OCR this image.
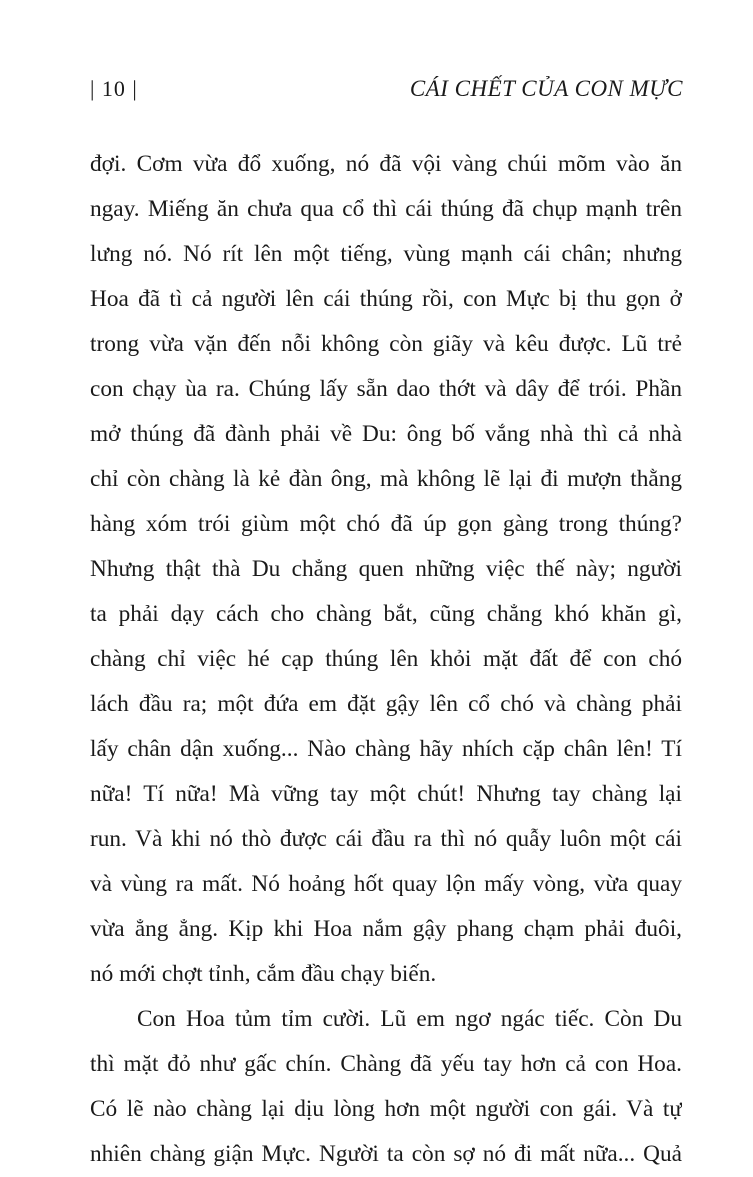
| 10 |	CÁI CHẾT CỦA CON MỰC
đợi. Cơm vừa đổ xuống, nó đã vội vàng chúi mõm vào ăn
ngay. Miếng ăn chưa qua cổ thì cái thúng đã chụp mạnh trên
lưng nó. Nó rít lên một tiếng, vùng mạnh cái chân; nhưng
Hoa đã tì cả người lên cái thúng rồi, con Mực bị thu gọn ở
trong vừa vặn đến nỗi không còn giãy và kêu được. Lũ trẻ
con chạy ùa ra. Chúng lấy sẵn dao thớt và dây để trói. Phần
mở thúng đã đành phải về Du: ông bố vắng nhà thì cả nhà
chỉ còn chàng là kẻ đàn ông, mà không lẽ lại đi mượn thằng
hàng xóm trói giùm một chó đã úp gọn gàng trong thúng?
Nhưng thật thà Du chẳng quen những việc thế này; người
ta phải dạy cách cho chàng bắt, cũng chẳng khó khăn gì,
chàng chỉ việc hé cạp thúng lên khỏi mặt đất để con chó
lách đầu ra; một đứa em đặt gậy lên cổ chó và chàng phải
lấy chân dận xuống... Nào chàng hãy nhích cặp chân lên! Tí
nữa! Tí nữa! Mà vững tay một chút! Nhưng tay chàng lại
run. Và khi nó thò được cái đầu ra thì nó quẫy luôn một cái
và vùng ra mất. Nó hoảng hốt quay lộn mấy vòng, vừa quay
vừa ẳng ẳng. Kịp khi Hoa nắm gậy phang chạm phải đuôi,
nó mới chợt tỉnh, cắm đầu chạy biến.
Con Hoa tủm tỉm cười. Lũ em ngơ ngác tiếc. Còn Du
thì mặt đỏ như gấc chín. Chàng đã yếu tay hơn cả con Hoa.
Có lẽ nào chàng lại dịu lòng hơn một người con gái. Và tự
nhiên chàng giận Mực. Người ta còn sợ nó đi mất nữa... Quả
